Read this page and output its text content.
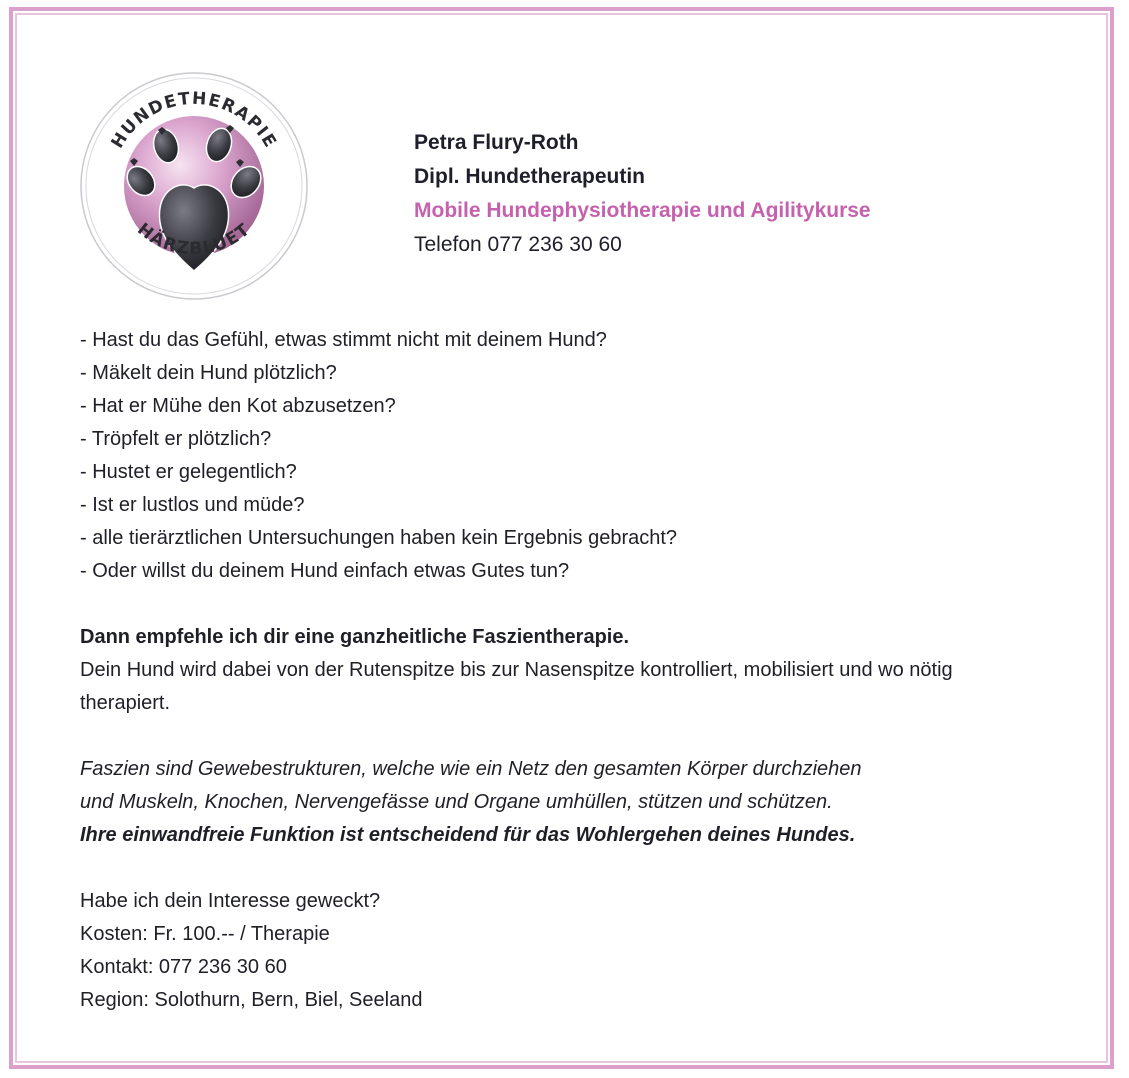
HUNDETHERAPIE
HÄRZBLUET
Petra Flury-Roth
Dipl. Hundetherapeutin
Mobile Hundephysiotherapie und Agilitykurse
Telefon 077 236 30 60
- Hast du das Gefühl, etwas stimmt nicht mit deinem Hund?
- Mäkelt dein Hund plötzlich?
- Hat er Mühe den Kot abzusetzen?
- Tröpfelt er plötzlich?
- Hustet er gelegentlich?
- Ist er lustlos und müde?
- alle tierärztlichen Untersuchungen haben kein Ergebnis gebracht?
- Oder willst du deinem Hund einfach etwas Gutes tun?
Dann empfehle ich dir eine ganzheitliche Faszientherapie.
Dein Hund wird dabei von der Rutenspitze bis zur Nasenspitze kontrolliert, mobilisiert und wo nötig therapiert.
Faszien sind Gewebestrukturen, welche wie ein Netz den gesamten Körper durchziehen
und Muskeln, Knochen, Nervengefässe und Organe umhüllen, stützen und schützen.
Ihre einwandfreie Funktion ist entscheidend für das Wohlergehen deines Hundes.
Habe ich dein Interesse geweckt?
Kosten: Fr. 100.-- / Therapie
Kontakt: 077 236 30 60
Region: Solothurn, Bern, Biel, Seeland
